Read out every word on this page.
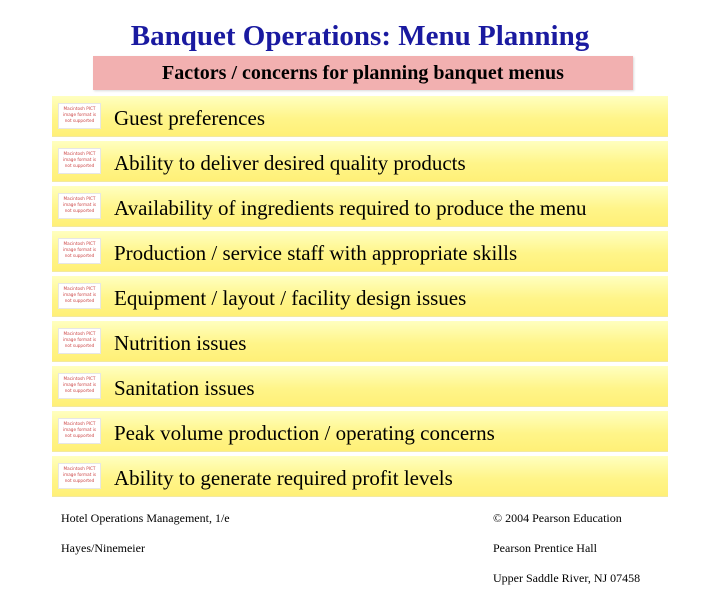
Banquet Operations: Menu Planning
Factors / concerns for planning banquet menus
Macintosh PICT image format is not supported Guest preferences
Macintosh PICT image format is not supported Ability to deliver desired quality products
Macintosh PICT image format is not supported Availability of ingredients required to produce the menu
Macintosh PICT image format is not supported Production / service staff with appropriate skills
Macintosh PICT image format is not supported Equipment / layout / facility design issues
Macintosh PICT image format is not supported Nutrition issues
Macintosh PICT image format is not supported Sanitation issues
Macintosh PICT image format is not supported Peak volume production / operating concerns
Macintosh PICT image format is not supported Ability to generate required profit levels

Hotel Operations Management, 1/e

Hayes/Ninemeier

© 2004 Pearson Education

Pearson Prentice Hall

Upper Saddle River, NJ 07458
